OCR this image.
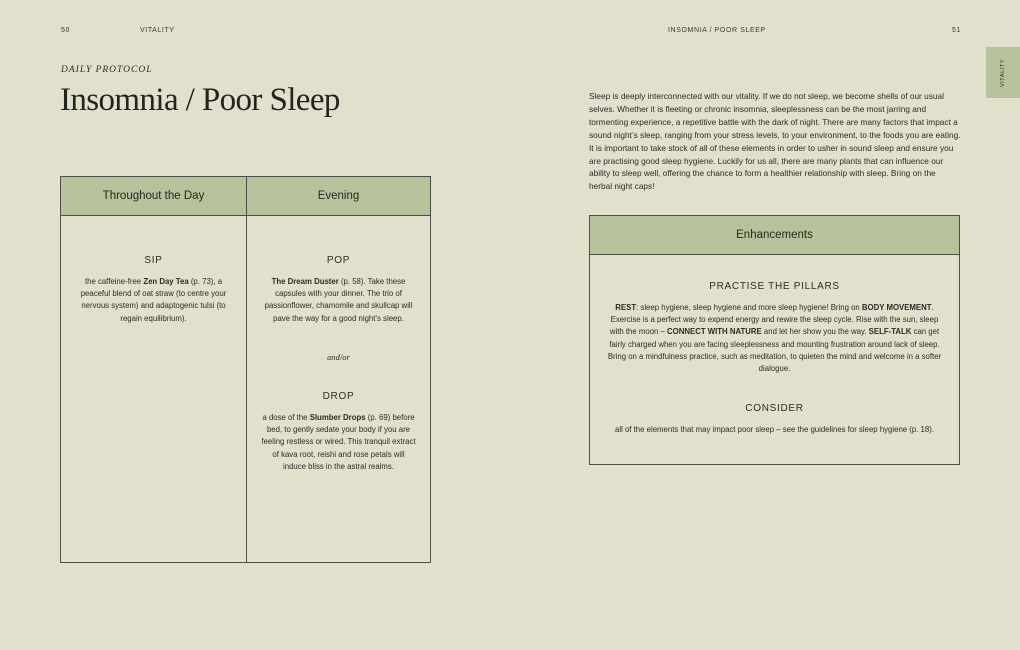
50	VITALITY	INSOMNIA / POOR SLEEP	51
VITALITY
DAILY PROTOCOL
Insomnia / Poor Sleep
Throughout the Day	Evening
SIP
the caffeine-free Zen Day Tea (p. 73), a peaceful blend of oat straw (to centre your nervous system) and adaptogenic tulsi (to regain equilibrium).
POP
The Dream Duster (p. 58). Take these capsules with your dinner. The trio of passionflower, chamomile and skullcap will pave the way for a good night’s sleep.
and/or
DROP
a dose of the Slumber Drops (p. 69) before bed, to gently sedate your body if you are feeling restless or wired. This tranquil extract of kava root, reishi and rose petals will induce bliss in the astral realms.
Sleep is deeply interconnected with our vitality. If we do not sleep, we become shells of our usual selves. Whether it is fleeting or chronic insomnia, sleeplessness can be the most jarring and tormenting experience, a repetitive battle with the dark of night. There are many factors that impact a sound night’s sleep, ranging from your stress levels, to your environment, to the foods you are eating. It is important to take stock of all of these elements in order to usher in sound sleep and ensure you are practising good sleep hygiene. Luckily for us all, there are many plants that can influence our ability to sleep well, offering the chance to form a healthier relationship with sleep. Bring on the herbal night caps!
Enhancements
PRACTISE THE PILLARS
REST: sleep hygiene, sleep hygiene and more sleep hygiene! Bring on BODY MOVEMENT. Exercise is a perfect way to expend energy and rewire the sleep cycle. Rise with the sun, sleep with the moon – CONNECT WITH NATURE and let her show you the way. SELF-TALK can get fairly charged when you are facing sleeplessness and mounting frustration around lack of sleep. Bring on a mindfulness practice, such as meditation, to quieten the mind and welcome in a softer dialogue.
CONSIDER
all of the elements that may impact poor sleep – see the guidelines for sleep hygiene (p. 18).
